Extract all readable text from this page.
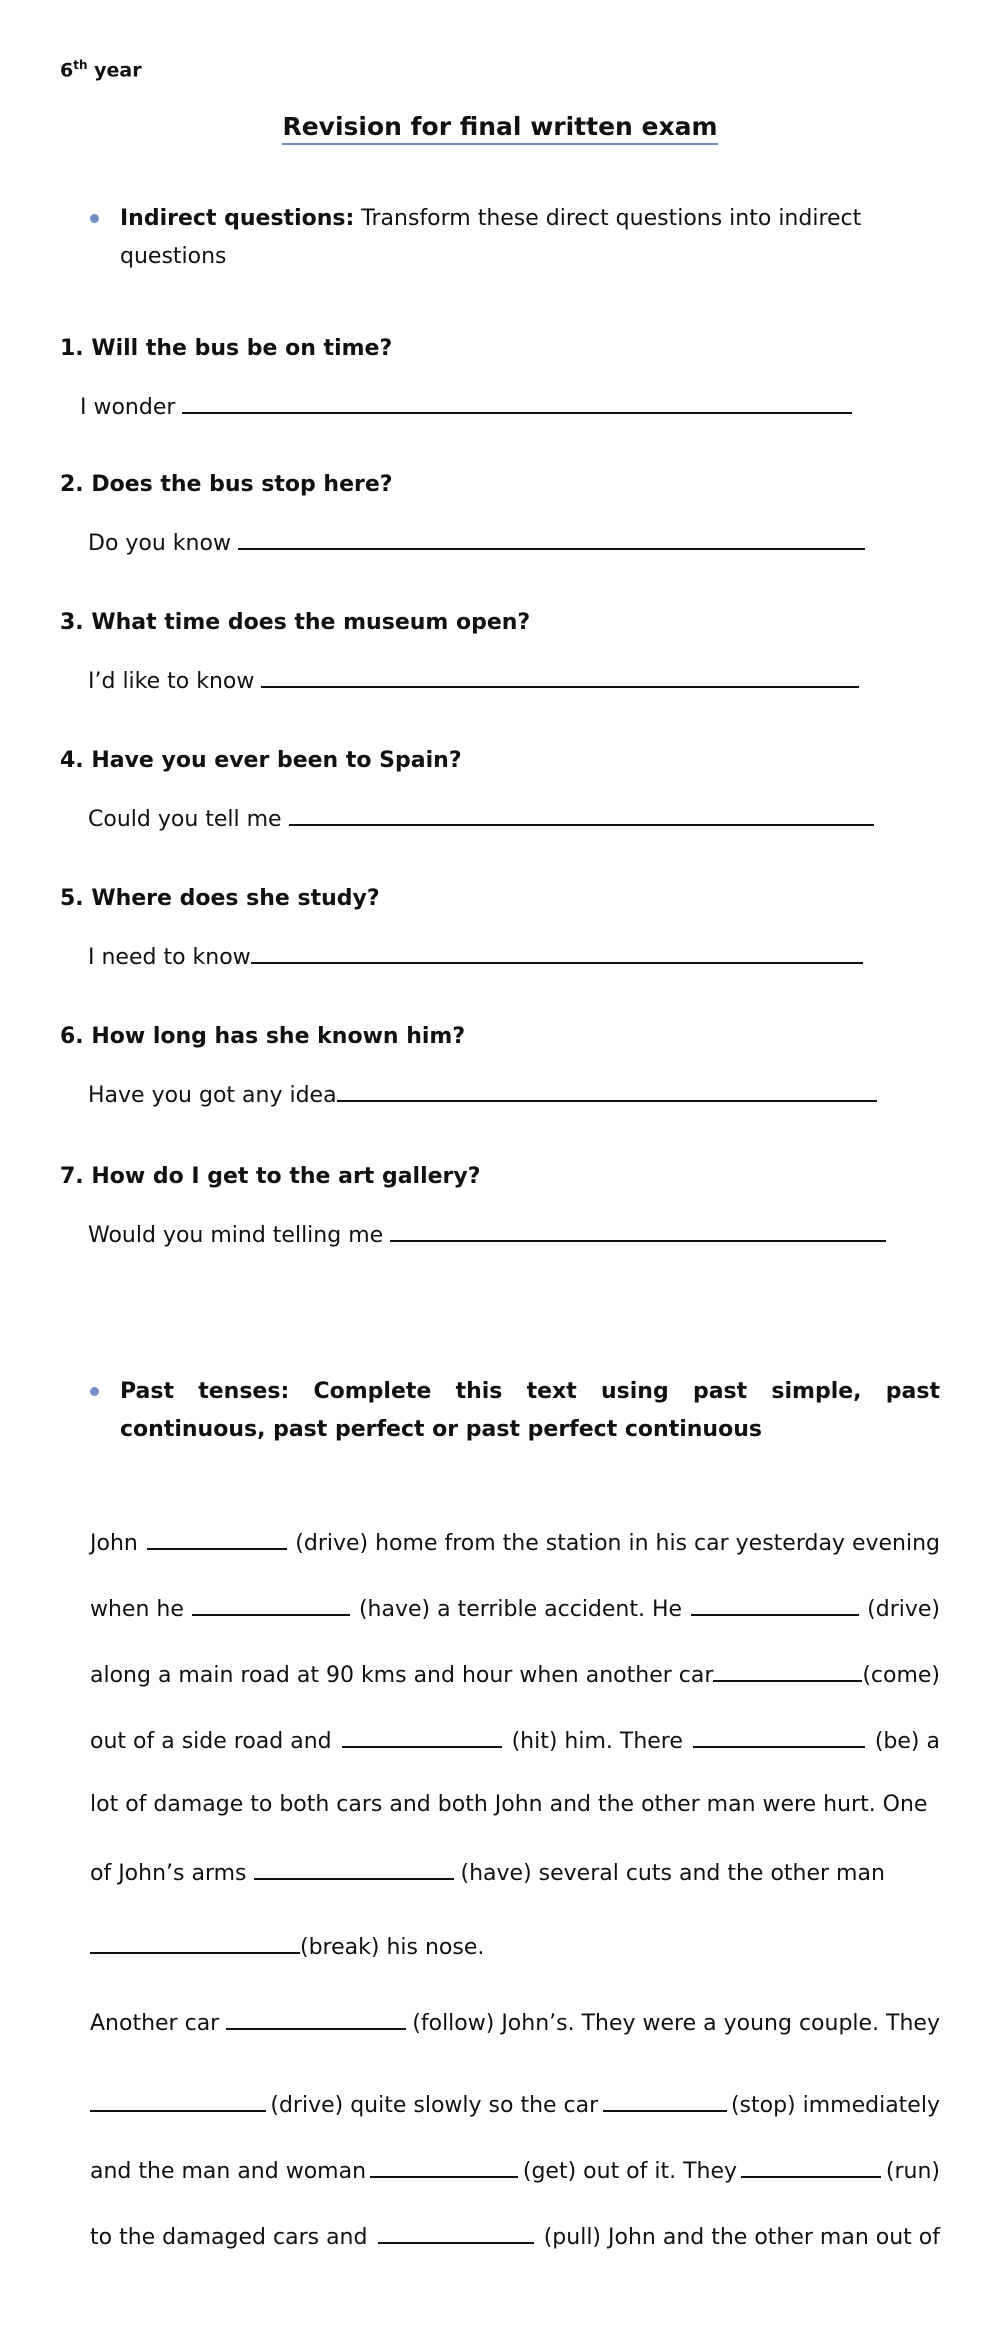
6th year
Revision for final written exam
Indirect questions: Transform these direct questions into indirect questions
1. Will the bus be on time?
I wonder
2. Does the bus stop here?
Do you know
3. What time does the museum open?
I’d like to know
4. Have you ever been to Spain?
Could you tell me
5. Where does she study?
I need to know
6. How long has she known him?
Have you got any idea
7. How do I get to the art gallery?
Would you mind telling me
Past tenses: Complete this text using past simple, past continuous, past perfect or past perfect continuous
John	(drive) home from the station in his car yesterday evening
when he	(have) a terrible accident. He	(drive)
along a main road at 90 kms and hour when another car	(come)
out of a side road and	(hit) him. There	(be) a
lot of damage to both cars and both John and the other man were hurt. One
of John’s arms

	(have) several cuts and the other man
(break) his nose.
Another car	(follow) John’s. They were a young couple. They
(drive) quite slowly so the car	(stop) immediately
and the man and woman	(get) out of it. They	(run)
to the damaged cars and	(pull) John and the other man out of
